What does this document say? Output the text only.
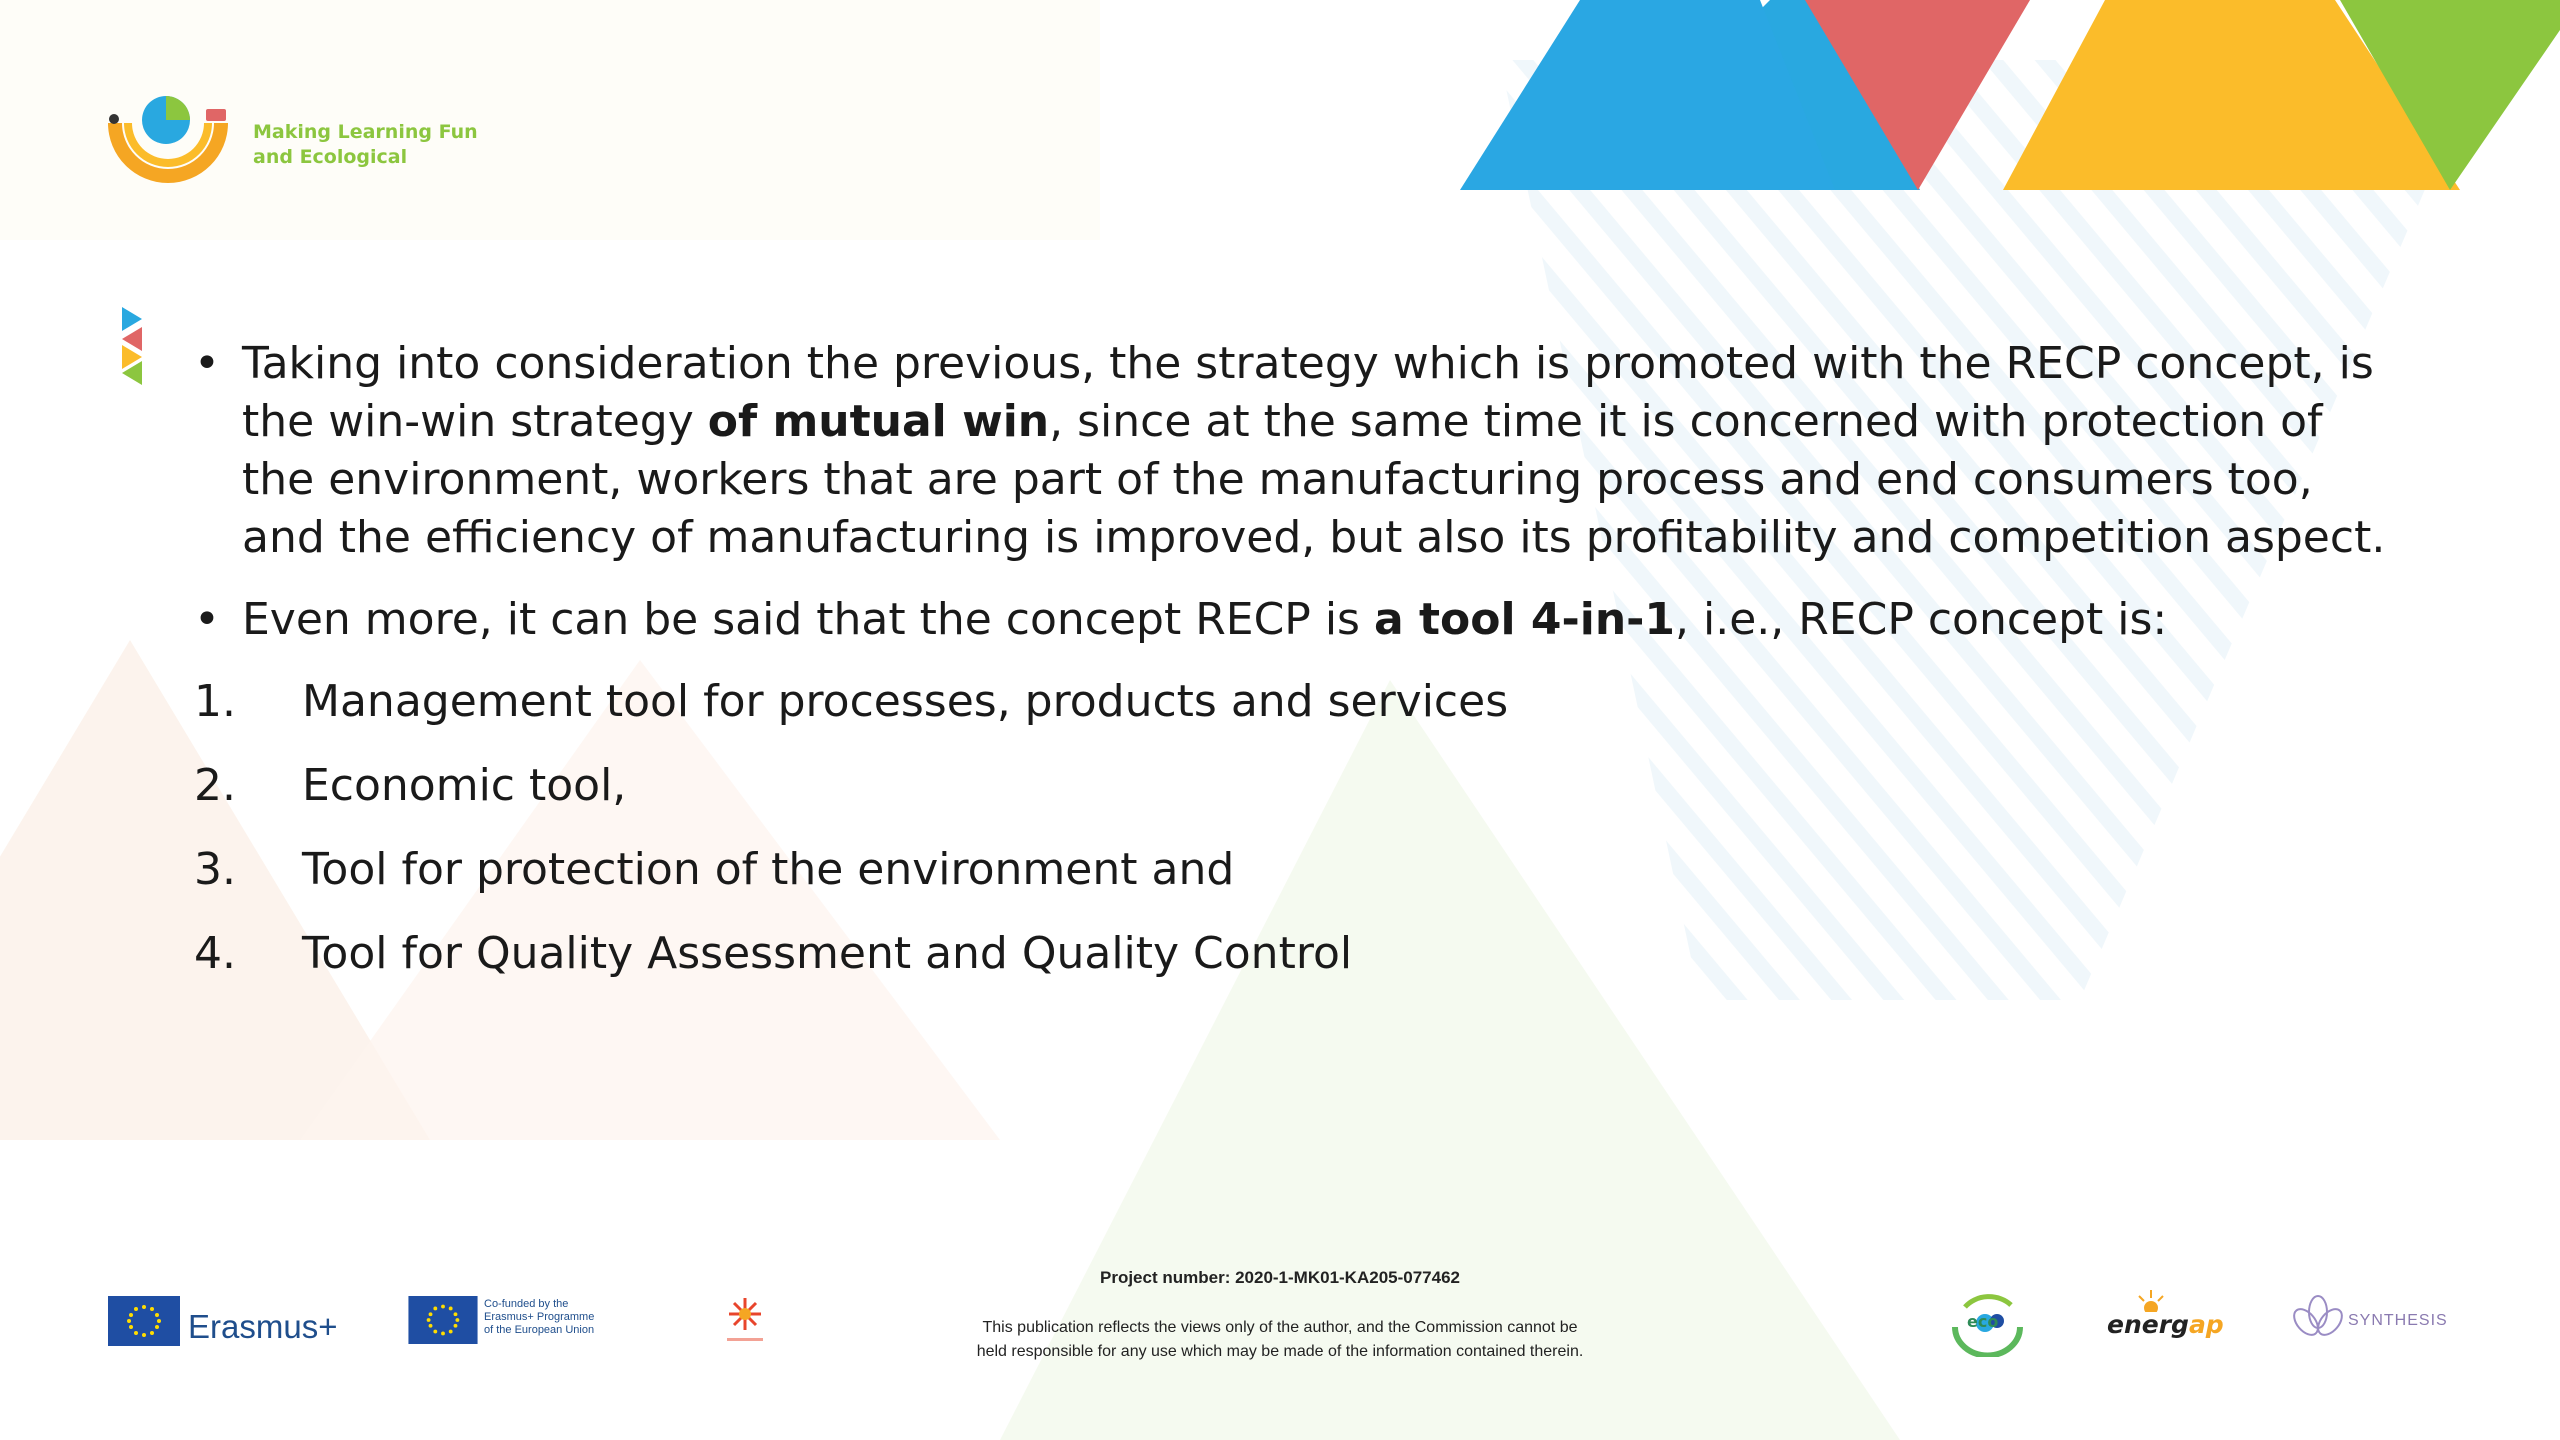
Making Learning Fun
and Ecological
• Taking into consideration the previous, the strategy which is promoted with the RECP concept, is the win-win strategy of mutual win, since at the same time it is concerned with protection of the environment, workers that are part of the manufacturing process and end consumers too, and the efficiency of manufacturing is improved, but also its profitability and competition aspect.
• Even more, it can be said that the concept RECP is a tool 4-in-1, i.e., RECP concept is:
1. Management tool for processes, products and services
2. Economic tool,
3. Tool for protection of the environment and
4. Tool for Quality Assessment and Quality Control
Erasmus+
Co-funded by the
Erasmus+ Programme
of the European Union
Project number: 2020-1-MK01-KA205-077462
This publication reflects the views only of the author, and the Commission cannot be
held responsible for any use which may be made of the information contained therein.
eco	energap	SYNTHESIS
